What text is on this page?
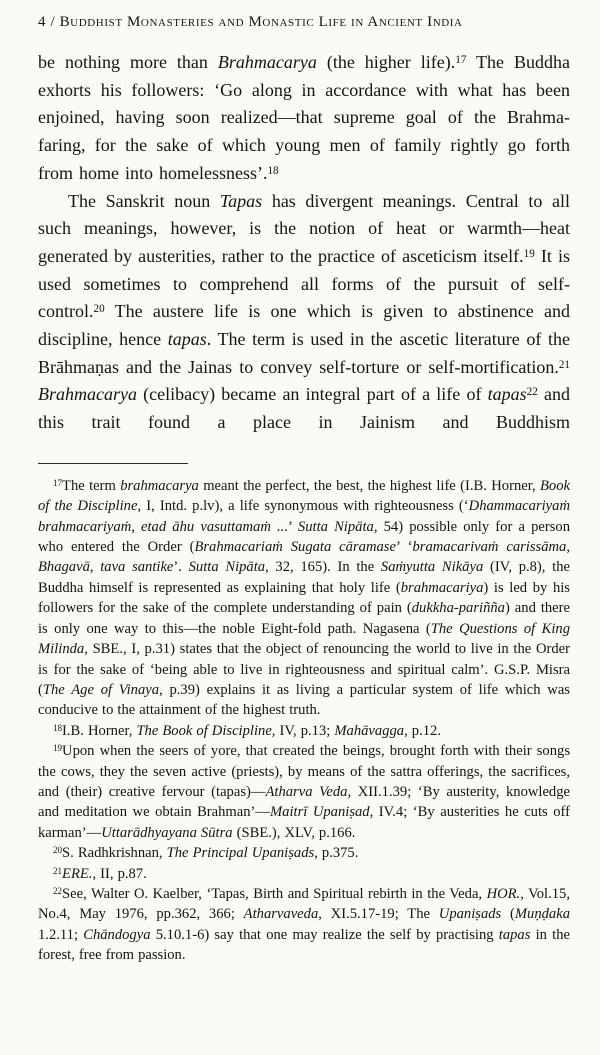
4 / Buddhist Monasteries and Monastic Life in Ancient India

be nothing more than Brahmacarya (the higher life).$^{17}$ The Buddha exhorts his followers: ‘Go along in accordance with what has been enjoined, having soon realized—that supreme goal of the Brahma-faring, for the sake of which young men of family rightly go forth from home into homelessness’.$^{18}$

The Sanskrit noun Tapas has divergent meanings. Central to all such meanings, however, is the notion of heat or warmth—heat generated by austerities, rather to the practice of asceticism itself.$^{19}$ It is used sometimes to comprehend all forms of the pursuit of self-control.$^{20}$ The austere life is one which is given to abstinence and discipline, hence tapas. The term is used in the ascetic literature of the Brāhmaṇas and the Jainas to convey self-torture or self-mortification.$^{21}$ Brahmacarya (celibacy) became an integral part of a life of tapas$^{22}$ and this trait found a place in Jainism and Buddhism

$^{17}$The term brahmacarya meant the perfect, the best, the highest life (I.B. Horner, Book of the Discipline, I, Intd. p.lv), a life synonymous with righteousness (‘Dhammacariyaṁ brahmacariyaṁ, etad āhu vasuttamaṁ ...’ Sutta Nipāta, 54) possible only for a person who entered the Order (Brahmacariaṁ Sugata cāramase’ ‘bramacarivaṁ carissāma, Bhagavā, tava santike’. Sutta Nipāta, 32, 165). In the Saṁyutta Nikāya (IV, p.8), the Buddha himself is represented as explaining that holy life (brahmacariya) is led by his followers for the sake of the complete understanding of pain (dukkha-pariñña) and there is only one way to this—the noble Eight-fold path. Nagasena (The Questions of King Milinda, SBE., I, p.31) states that the object of renouncing the world to live in the Order is for the sake of ‘being able to live in righteousness and spiritual calm’. G.S.P. Misra (The Age of Vinaya, p.39) explains it as living a particular system of life which was conducive to the attainment of the highest truth.

$^{18}$I.B. Horner, The Book of Discipline, IV, p.13; Mahāvagga, p.12.

$^{19}$Upon when the seers of yore, that created the beings, brought forth with their songs the cows, they the seven active (priests), by means of the sattra offerings, the sacrifices, and (their) creative fervour (tapas)—Atharva Veda, XII.1.39; ‘By austerity, knowledge and meditation we obtain Brahman’—Maitrī Upaniṣad, IV.4; ‘By austerities he cuts off karman’—Uttarādhyayana Sūtra (SBE.), XLV, p.166.

$^{20}$S. Radhkrishnan, The Principal Upaniṣads, p.375.

$^{21}$ERE., II, p.87.

$^{22}$See, Walter O. Kaelber, ‘Tapas, Birth and Spiritual rebirth in the Veda, HOR., Vol.15, No.4, May 1976, pp.362, 366; Atharvaveda, XI.5.17-19; The Upaniṣads (Muṇḍaka 1.2.11; Chāndogya 5.10.1-6) say that one may realize the self by practising tapas in the forest, free from passion.
